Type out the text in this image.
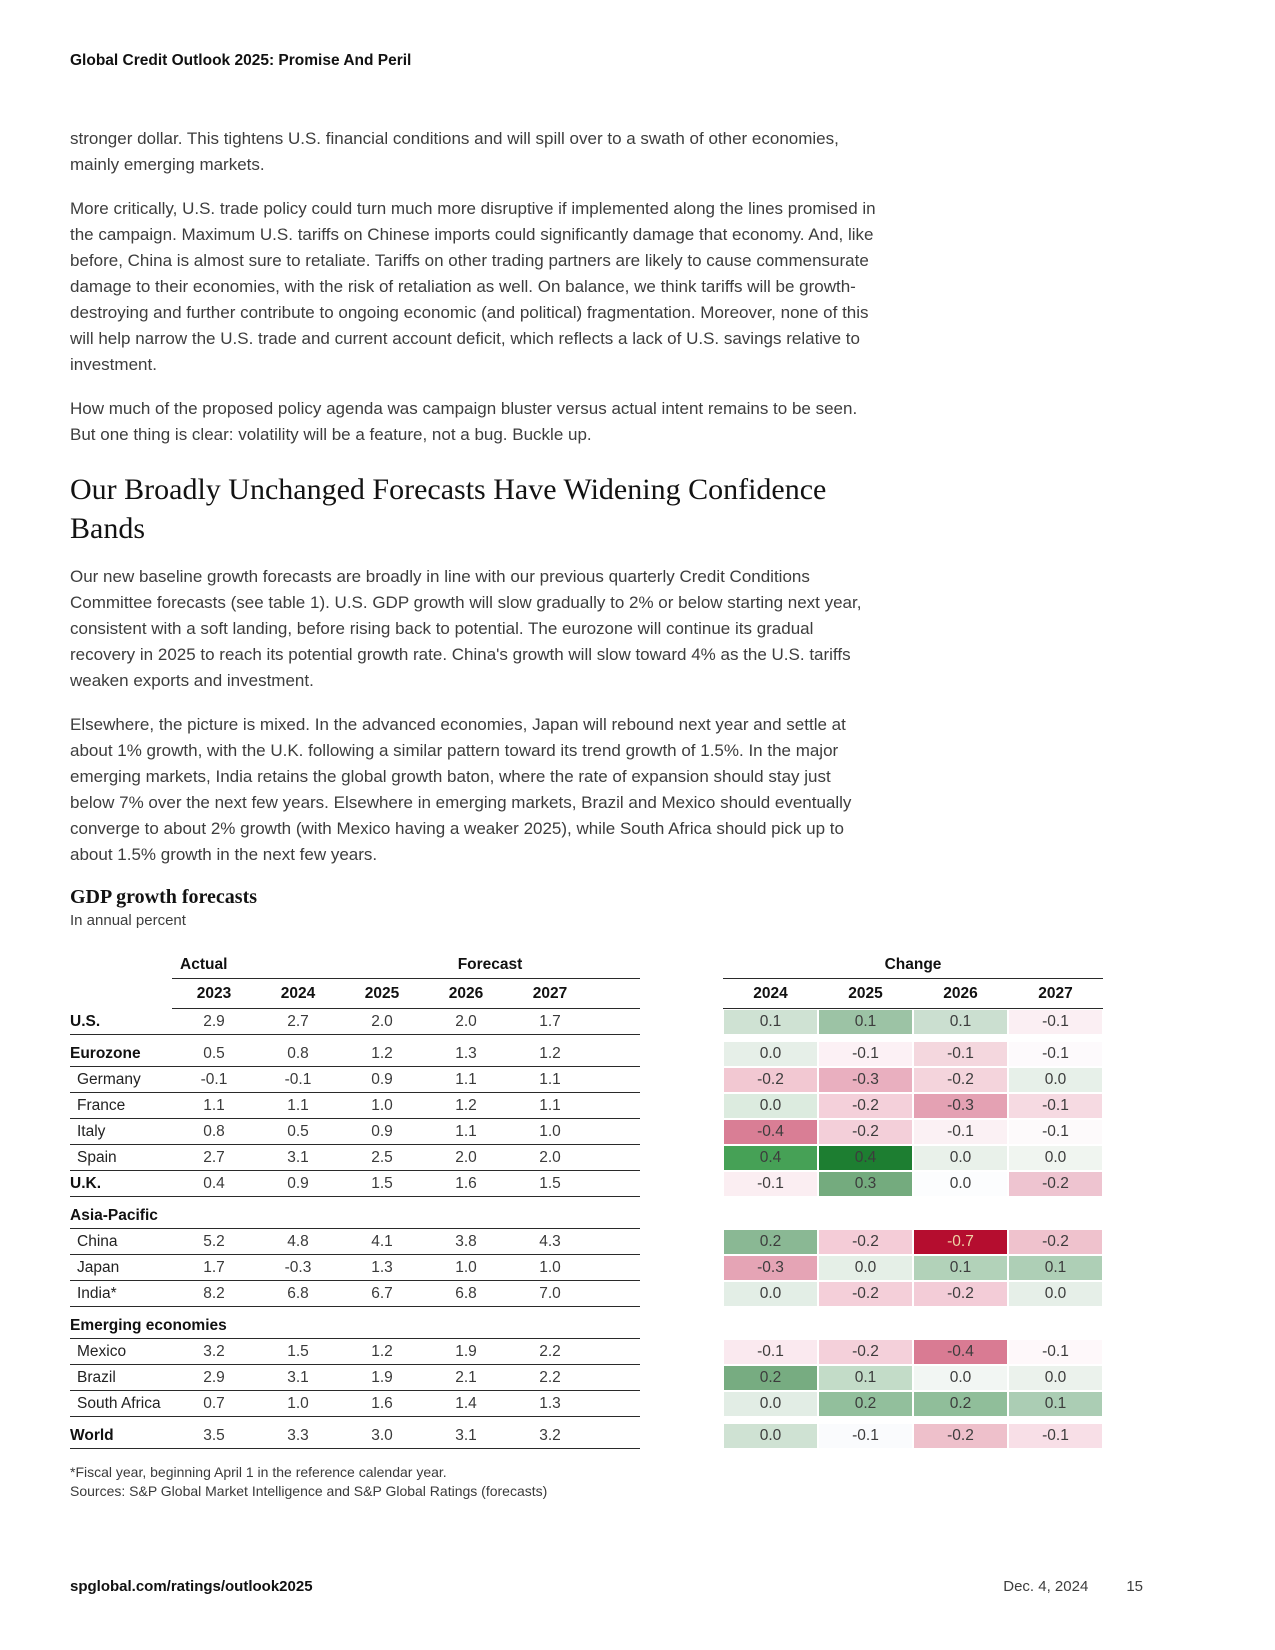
Global Credit Outlook 2025: Promise And Peril

stronger dollar. This tightens U.S. financial conditions and will spill over to a swath of other economies, mainly emerging markets.

More critically, U.S. trade policy could turn much more disruptive if implemented along the lines promised in the campaign. Maximum U.S. tariffs on Chinese imports could significantly damage that economy. And, like before, China is almost sure to retaliate. Tariffs on other trading partners are likely to cause commensurate damage to their economies, with the risk of retaliation as well. On balance, we think tariffs will be growth-destroying and further contribute to ongoing economic (and political) fragmentation. Moreover, none of this will help narrow the U.S. trade and current account deficit, which reflects a lack of U.S. savings relative to investment.

How much of the proposed policy agenda was campaign bluster versus actual intent remains to be seen. But one thing is clear: volatility will be a feature, not a bug. Buckle up.

Our Broadly Unchanged Forecasts Have Widening Confidence Bands

Our new baseline growth forecasts are broadly in line with our previous quarterly Credit Conditions Committee forecasts (see table 1). U.S. GDP growth will slow gradually to 2% or below starting next year, consistent with a soft landing, before rising back to potential. The eurozone will continue its gradual recovery in 2025 to reach its potential growth rate. China's growth will slow toward 4% as the U.S. tariffs weaken exports and investment.

Elsewhere, the picture is mixed. In the advanced economies, Japan will rebound next year and settle at about 1% growth, with the U.K. following a similar pattern toward its trend growth of 1.5%. In the major emerging markets, India retains the global growth baton, where the rate of expansion should stay just below 7% over the next few years. Elsewhere in emerging markets, Brazil and Mexico should eventually converge to about 2% growth (with Mexico having a weaker 2025), while South Africa should pick up to about 1.5% growth in the next few years.

GDP growth forecasts
In annual percent
Actual	Forecast	Change
2023	2024	2025	2026	2027	2024	2025	2026	2027
U.S.	2.9	2.7	2.0	2.0	1.7	0.1	0.1	0.1	-0.1
Eurozone	0.5	0.8	1.2	1.3	1.2	0.0	-0.1	-0.1	-0.1
Germany	-0.1	-0.1	0.9	1.1	1.1	-0.2	-0.3	-0.2	0.0
France	1.1	1.1	1.0	1.2	1.1	0.0	-0.2	-0.3	-0.1
Italy	0.8	0.5	0.9	1.1	1.0	-0.4	-0.2	-0.1	-0.1
Spain	2.7	3.1	2.5	2.0	2.0	0.4	0.4	0.0	0.0
U.K.	0.4	0.9	1.5	1.6	1.5	-0.1	0.3	0.0	-0.2
Asia-Pacific
China	5.2	4.8	4.1	3.8	4.3	0.2	-0.2	-0.7	-0.2
Japan	1.7	-0.3	1.3	1.0	1.0	-0.3	0.0	0.1	0.1
India*	8.2	6.8	6.7	6.8	7.0	0.0	-0.2	-0.2	0.0
Emerging economies
Mexico	3.2	1.5	1.2	1.9	2.2	-0.1	-0.2	-0.4	-0.1
Brazil	2.9	3.1	1.9	2.1	2.2	0.2	0.1	0.0	0.0
South Africa	0.7	1.0	1.6	1.4	1.3	0.0	0.2	0.2	0.1
World	3.5	3.3	3.0	3.1	3.2	0.0	-0.1	-0.2	-0.1
*Fiscal year, beginning April 1 in the reference calendar year.
Sources: S&P Global Market Intelligence and S&P Global Ratings (forecasts)
spglobal.com/ratings/outlook2025	Dec. 4, 2024	15
